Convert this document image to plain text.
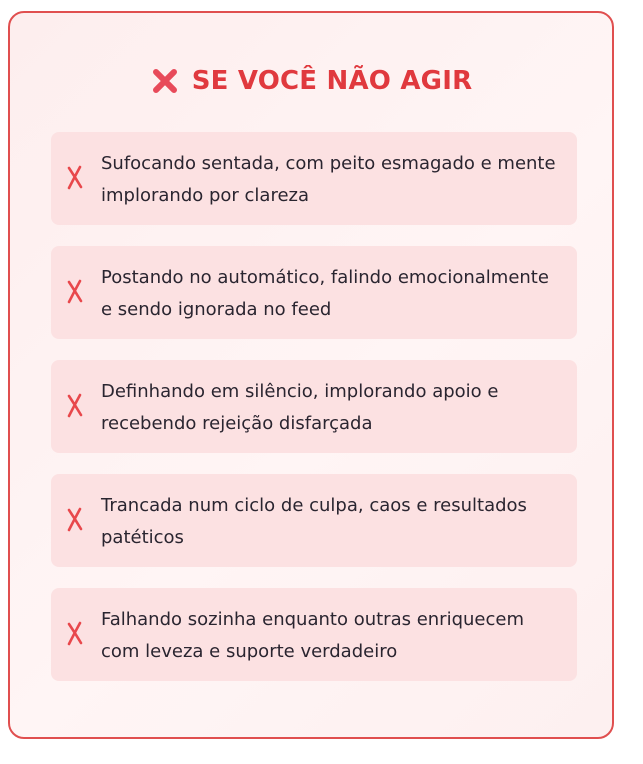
SE VOCÊ NÃO AGIR
Sufocando sentada, com peito esmagado e mente implorando por clareza
Postando no automático, falindo emocionalmente e sendo ignorada no feed
Definhando em silêncio, implorando apoio e recebendo rejeição disfarçada
Trancada num ciclo de culpa, caos e resultados patéticos
Falhando sozinha enquanto outras enriquecem com leveza e suporte verdadeiro
